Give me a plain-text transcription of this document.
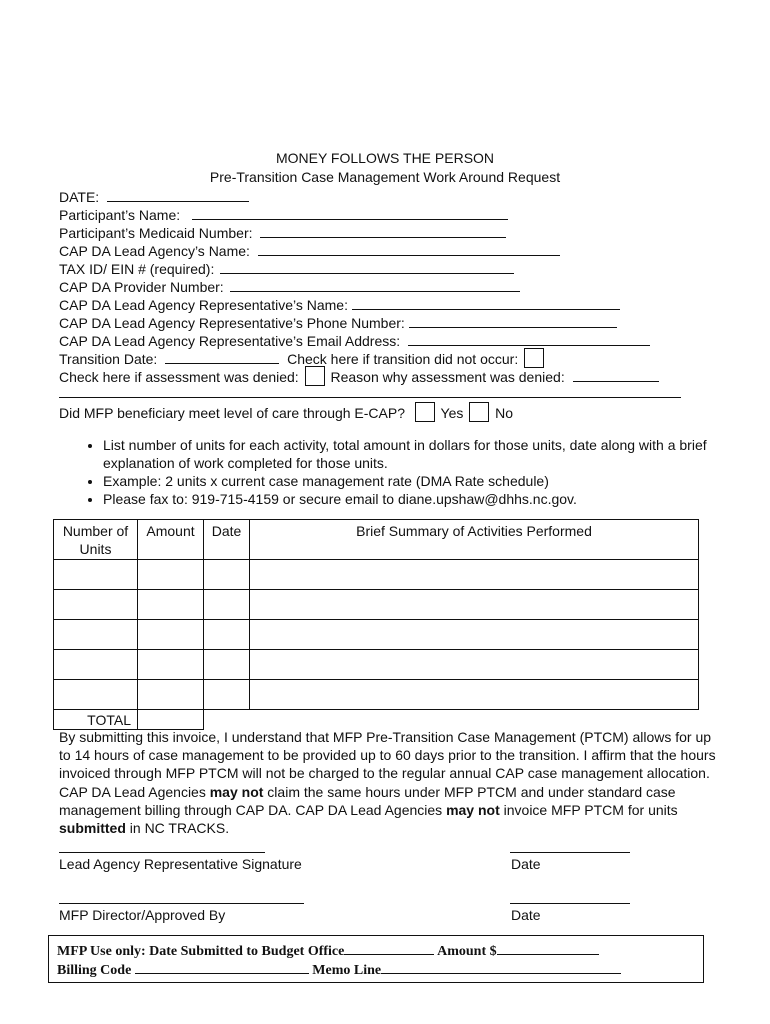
MONEY FOLLOWS THE PERSON
Pre-Transition Case Management Work Around Request
DATE:
Participant’s Name:
Participant’s Medicaid Number:
CAP DA Lead Agency’s Name:
TAX ID/ EIN # (required):
CAP DA Provider Number:
CAP DA Lead Agency Representative’s Name:
CAP DA Lead Agency Representative’s Phone Number:
CAP DA Lead Agency Representative’s Email Address:
Transition Date:	Check here if transition did not occur:
Check here if assessment was denied: Reason why assessment was denied:
Did MFP beneficiary meet level of care through E-CAP?	Yes No
• List number of units for each activity, total amount in dollars for those units, date along with a brief explanation of work completed for those units.
• Example: 2 units x current case management rate (DMA Rate schedule)
• Please fax to: 919-715-4159 or secure email to diane.upshaw@dhhs.nc.gov.
Number of Units	Amount	Date	Brief Summary of Activities Performed

TOTAL			
By submitting this invoice, I understand that MFP Pre-Transition Case Management (PTCM) allows for up to 14 hours of case management to be provided up to 60 days prior to the transition. I affirm that the hours invoiced through MFP PTCM will not be charged to the regular annual CAP case management allocation. CAP DA Lead Agencies may not claim the same hours under MFP PTCM and under standard case management billing through CAP DA. CAP DA Lead Agencies may not invoice MFP PTCM for units submitted in NC TRACKS.
Lead Agency Representative Signature	Date
MFP Director/Approved By	Date
MFP Use only: Date Submitted to Budget Office	Amount $
Billing Code	Memo Line
